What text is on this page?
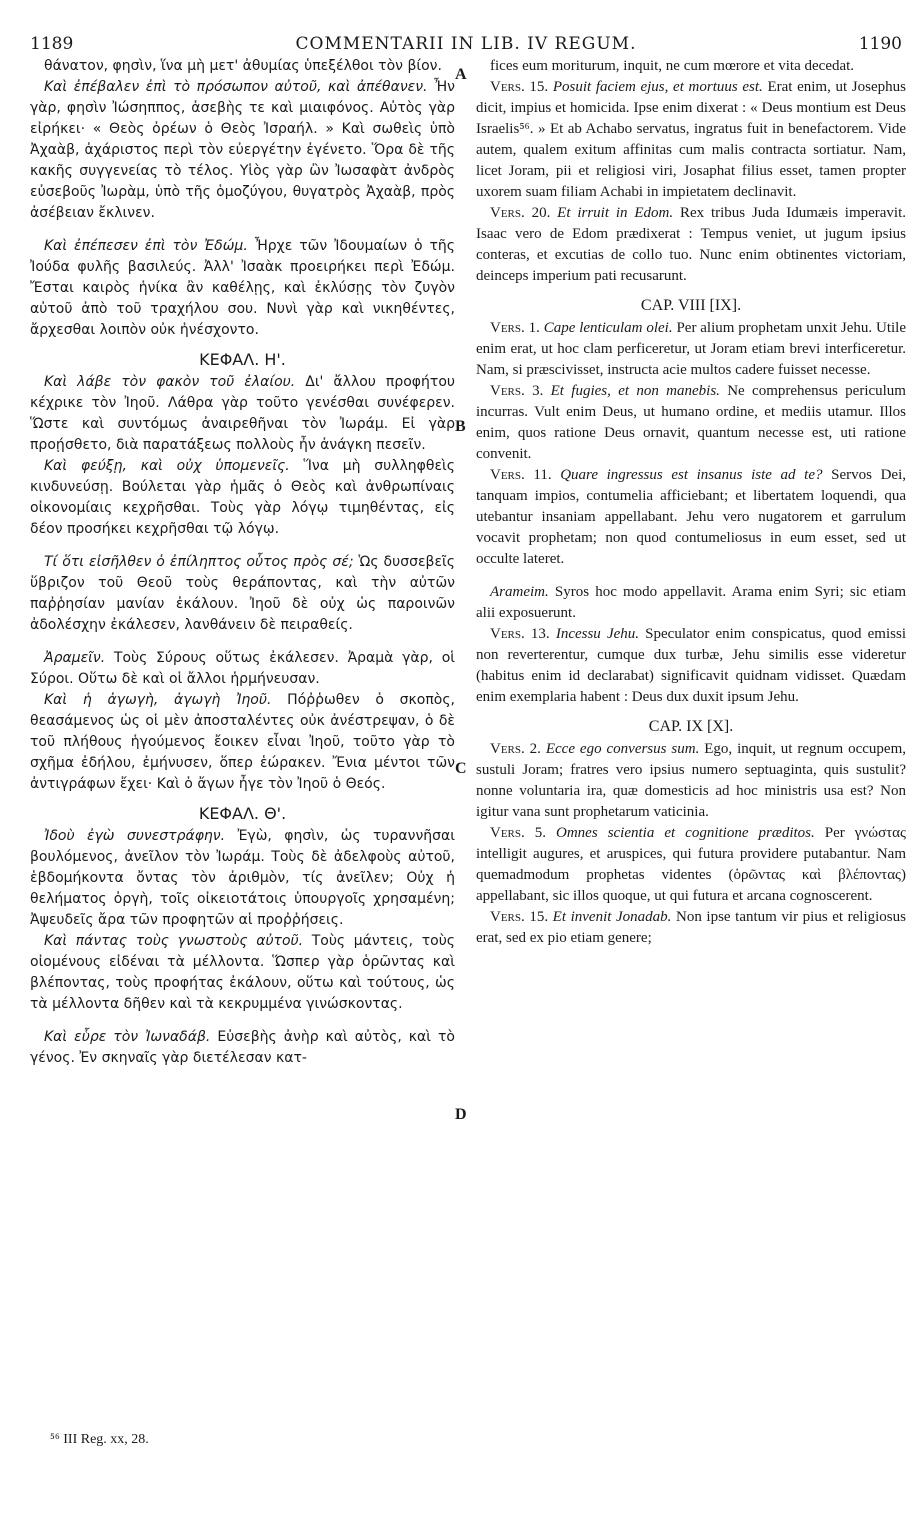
1189	COMMENTARII IN LIB. IV REGUM.	1190

θάνατον, φησὶν, ἵνα μὴ μετ' ἀθυμίας ὑπεξέλθοι τὸν βίον.

Καὶ ἐπέβαλεν ἐπὶ τὸ πρόσωπον αὐτοῦ, καὶ ἀπέθανεν. Ἦν γὰρ, φησὶν Ἰώσηππος, ἀσεβὴς τε καὶ μιαιφόνος. Αὐτὸς γὰρ εἰρήκει· « Θεὸς ὀρέων ὁ Θεὸς Ἰσραήλ. » Καὶ σωθεὶς ὑπὸ Ἀχαὰβ, ἀχάριστος περὶ τὸν εὐεργέτην ἐγένετο. Ὅρα δὲ τῆς κακῆς συγγενείας τὸ τέλος. Υἱὸς γὰρ ὢν Ἰωσαφὰτ ἀνδρὸς εὐσεβοῦς Ἰωρὰμ, ὑπὸ τῆς ὁμοζύγου, θυγατρὸς Ἀχαὰβ, πρὸς ἀσέβειαν ἔκλινεν.

Καὶ ἐπέπεσεν ἐπὶ τὸν Ἐδώμ. Ἦρχε τῶν Ἰδουμαίων ὁ τῆς Ἰούδα φυλῆς βασιλεύς. Ἀλλ' Ἰσαὰκ προειρήκει περὶ Ἐδώμ. Ἔσται καιρὸς ἡνίκα ἂν καθέλῃς, καὶ ἐκλύσῃς τὸν ζυγὸν αὐτοῦ ἀπὸ τοῦ τραχήλου σου. Νυνὶ γὰρ καὶ νικηθέντες, ἄρχεσθαι λοιπὸν οὐκ ἠνέσχοντο.

ΚΕΦΑΛ. Η'.

Καὶ λάβε τὸν φακὸν τοῦ ἐλαίου. Δι' ἄλλου προφήτου κέχρικε τὸν Ἰηοῦ. Λάθρα γὰρ τοῦτο γενέσθαι συνέφερεν. Ὥστε καὶ συντόμως ἀναιρεθῆναι τὸν Ἰωράμ. Εἰ γὰρ προῄσθετο, διὰ παρατάξεως πολλοὺς ἦν ἀνάγκη πεσεῖν.

Καὶ φεύξῃ, καὶ οὐχ ὑπομενεῖς. Ἵνα μὴ συλληφθεὶς κινδυνεύσῃ. Βούλεται γὰρ ἡμᾶς ὁ Θεὸς καὶ ἀνθρωπίναις οἰκονομίαις κεχρῆσθαι. Τοὺς γὰρ λόγῳ τιμηθέντας, εἰς δέον προσήκει κεχρῆσθαι τῷ λόγῳ.

Τί ὅτι εἰσῆλθεν ὁ ἐπίληπτος οὗτος πρὸς σέ; Ὡς δυσσεβεῖς ὕβριζον τοῦ Θεοῦ τοὺς θεράποντας, καὶ τὴν αὐτῶν παῤῥησίαν μανίαν ἐκάλουν. Ἰηοῦ δὲ οὐχ ὡς παροινῶν ἀδολέσχην ἐκάλεσεν, λανθάνειν δὲ πειραθείς.

Ἀραμεῖν. Τοὺς Σύρους οὕτως ἐκάλεσεν. Ἀραμὰ γὰρ, οἱ Σύροι. Οὕτω δὲ καὶ οἱ ἄλλοι ἡρμήνευσαν.

Καὶ ἡ ἀγωγὴ, ἀγωγὴ Ἰηοῦ. Πόῤῥωθεν ὁ σκοπὸς, θεασάμενος ὡς οἱ μὲν ἀποσταλέντες οὐκ ἀνέστρεψαν, ὁ δὲ τοῦ πλήθους ἡγούμενος ἔοικεν εἶναι Ἰηοῦ, τοῦτο γὰρ τὸ σχῆμα ἐδήλου, ἐμήνυσεν, ὅπερ ἑώρακεν. Ἔνια μέντοι τῶν ἀντιγράφων ἔχει· Καὶ ὁ ἄγων ἦγε τὸν Ἰηοῦ ὁ Θεός.

ΚΕΦΑΛ. Θ'.

Ἰδοὺ ἐγὼ συνεστράφην. Ἐγὼ, φησὶν, ὡς τυραννῆσαι βουλόμενος, ἀνεῖλον τὸν Ἰωράμ. Τοὺς δὲ ἀδελφοὺς αὐτοῦ, ἑβδομήκοντα ὄντας τὸν ἀριθμὸν, τίς ἀνεῖλεν; Οὐχ ἡ θελήματος ὀργὴ, τοῖς οἰκειοτάτοις ὑπουργοῖς χρησαμένη; Ἀψευδεῖς ἄρα τῶν προφητῶν αἱ προῤῥήσεις.

Καὶ πάντας τοὺς γνωστοὺς αὐτοῦ. Τοὺς μάντεις, τοὺς οἰομένους εἰδέναι τὰ μέλλοντα. Ὥσπερ γὰρ ὁρῶντας καὶ βλέποντας, τοὺς προφήτας ἐκάλουν, οὕτω καὶ τούτους, ὡς τὰ μέλλοντα δῆθεν καὶ τὰ κεκρυμμένα γινώσκοντας.

Καὶ εὗρε τὸν Ἰωναδάβ. Εὐσεβὴς ἀνὴρ καὶ αὐτὸς, καὶ τὸ γένος. Ἐν σκηναῖς γὰρ διετέλεσαν κατ-

fices eum moriturum, inquit, ne cum mœrore et vita decedat.

Vers. 15. Posuit faciem ejus, et mortuus est. Erat enim, ut Josephus dicit, impius et homicida. Ipse enim dixerat : « Deus montium est Deus Israelis⁵⁶. » Et ab Achabo servatus, ingratus fuit in benefactorem. Vide autem, qualem exitum affinitas cum malis contracta sortiatur. Nam, licet Joram, pii et religiosi viri, Josaphat filius esset, tamen propter uxorem suam filiam Achabi in impietatem declinavit.

Vers. 20. Et irruit in Edom. Rex tribus Juda Idumæis imperavit. Isaac vero de Edom prædixerat : Tempus veniet, ut jugum ipsius conteras, et excutias de collo tuo. Nunc enim obtinentes victoriam, deinceps imperium pati recusarunt.

CAP. VIII [IX].

Vers. 1. Cape lenticulam olei. Per alium prophetam unxit Jehu. Utile enim erat, ut hoc clam perficeretur, ut Joram etiam brevi interficeretur. Nam, si præscivisset, instructa acie multos cadere fuisset necesse.

Vers. 3. Et fugies, et non manebis. Ne comprehensus periculum incurras. Vult enim Deus, ut humano ordine, et mediis utamur. Illos enim, quos ratione Deus ornavit, quantum necesse est, uti ratione convenit.

Vers. 11. Quare ingressus est insanus iste ad te? Servos Dei, tanquam impios, contumelia afficiebant; et libertatem loquendi, qua utebantur insaniam appellabant. Jehu vero nugatorem et garrulum vocavit prophetam; non quod contumeliosus in eum esset, sed ut occulte lateret.

Arameim. Syros hoc modo appellavit. Arama enim Syri; sic etiam alii exposuerunt.

Vers. 13. Incessu Jehu. Speculator enim conspicatus, quod emissi non reverterentur, cumque dux turbæ, Jehu similis esse videretur (habitus enim id declarabat) significavit quidnam vidisset. Quædam enim exemplaria habent : Deus dux duxit ipsum Jehu.

CAP. IX [X].

Vers. 2. Ecce ego conversus sum. Ego, inquit, ut regnum occupem, sustuli Joram; fratres vero ipsius numero septuaginta, quis sustulit? nonne voluntaria ira, quæ domesticis ad hoc ministris usa est? Non igitur vana sunt prophetarum vaticinia.

Vers. 5. Omnes scientia et cognitione præditos. Per γνώστας intelligit augures, et aruspices, qui futura providere putabantur. Nam quemadmodum prophetas videntes (ὁρῶντας καὶ βλέποντας) appellabant, sic illos quoque, ut qui futura et arcana cognoscerent.

Vers. 15. Et invenit Jonadab. Non ipse tantum vir pius et religiosus erat, sed ex pio etiam genere;

A
B
C
D
⁵⁶ III Reg. xx, 28.
